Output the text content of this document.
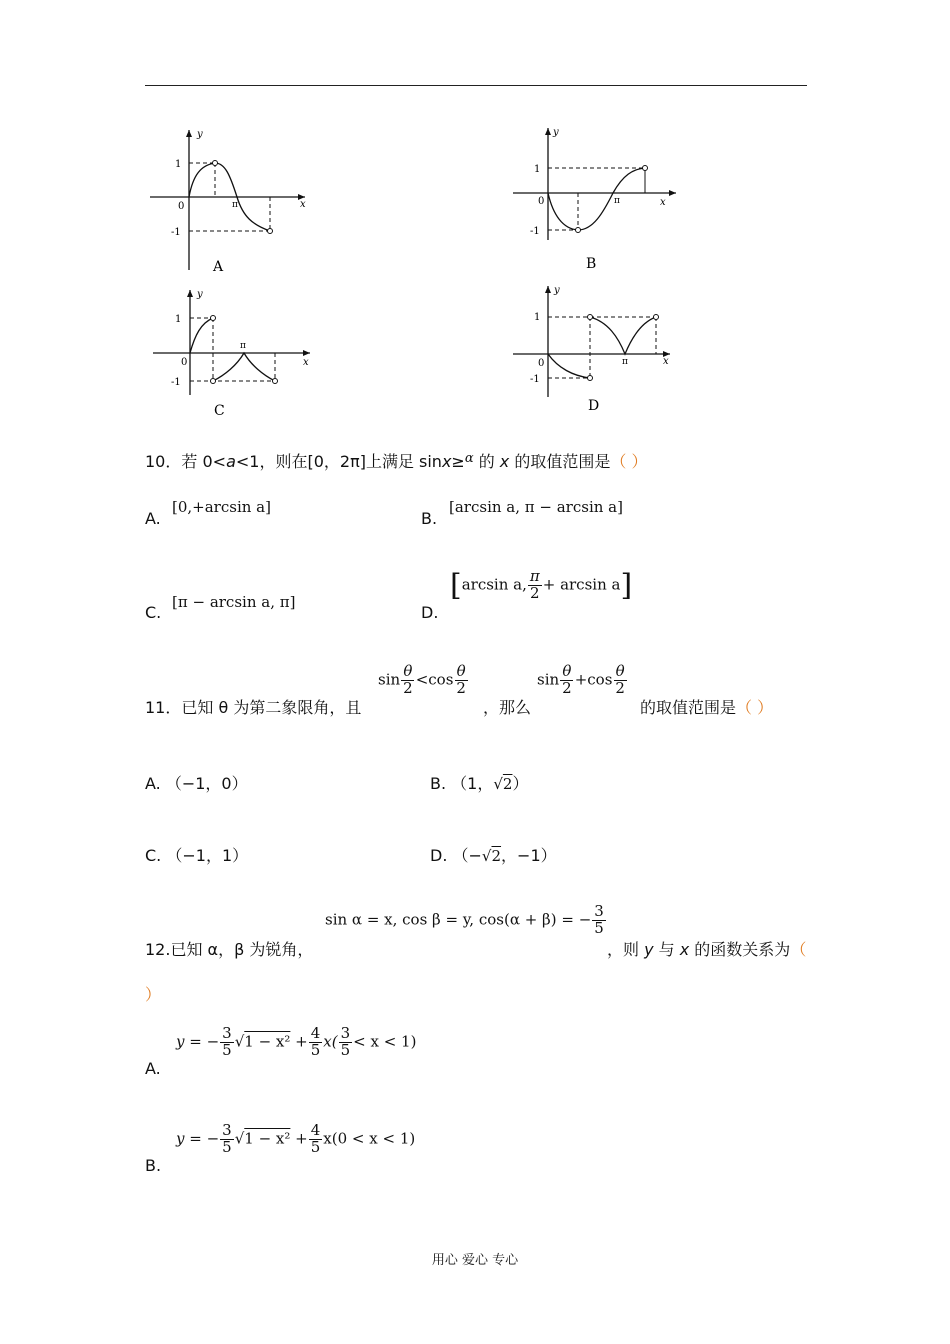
y
x
1
0
-1
π
A
y
x
1
0
-1
π
B
y
x
1
0
-1
π
C
y
x
1
0
-1
π
D
10．若 0<a<1，则在[0，2π]上满足 sinx≥$^\alpha$ 的 x 的取值范围是（ ）
A.
[0,+arcsin a]
B.
[arcsin a, π − arcsin a]
C.
[π − arcsin a, π]
D.
[arcsin a, $\frac{\pi}{2} + \arcsin a$]
11．已知 θ 为第二象限角，且
$\sin \frac{\theta}{2} <\cos \frac{\theta}{2}$
，那么
$\sin \frac{\theta}{2} +\cos \frac{\theta}{2}$
的取值范围是（ ）
A. （−1，0）	B. （1，√2）
C. （−1，1）	D. （−√2，−1）
12.已知 α，β 为锐角，
sin α = x, cos β = y, cos(α + β) = − $\frac{3}{5}$
，则 y 与 x 的函数关系为（
）
A.
y = − $\frac{3}{5} √1 - x^2 + \frac{4}{5} x( \frac{3}{5} < x < 1)$
B.
y = − $\frac{3}{5} √1 - x^2 + \frac{4}{5} x(0 < x < 1)$
用心 爱心 专心
